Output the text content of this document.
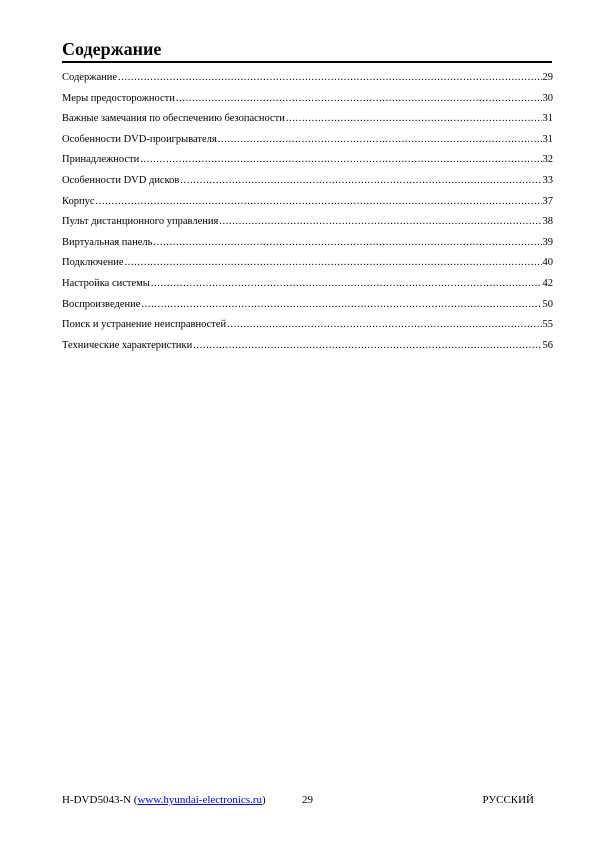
Содержание
Содержание .....	29
Меры предосторожности .....	30
Важные замечания по обеспечению безопасности .....	31
Особенности DVD-проигрывателя .....	31
Принадлежности .....	32
Особенности DVD дисков .....	33
Корпус .....	37
Пульт дистанционного управления .....	38
Виртуальная панель .....	39
Подключение .....	40
Настройка системы .....	42
Воспроизведение .....	50
Поиск и устранение неисправностей .....	55
Технические характеристики .....	56
H-DVD5043-N (www.hyundai-electronics.ru)	29	РУССКИЙ
